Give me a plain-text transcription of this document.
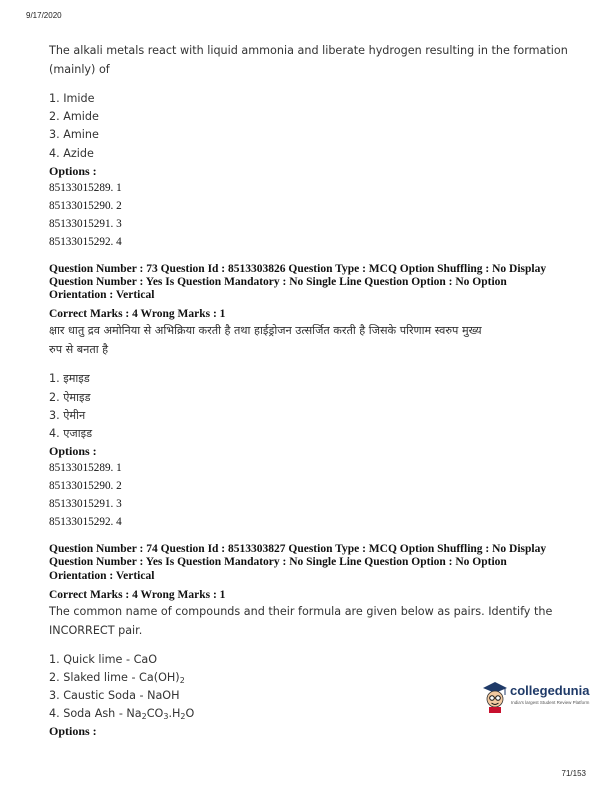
9/17/2020

The alkali metals react with liquid ammonia and liberate hydrogen resulting in the formation
(mainly) of

1. Imide
2. Amide
3. Amine
4. Azide
Options :
85133015289. 1
85133015290. 2
85133015291. 3
85133015292. 4
Question Number : 73 Question Id : 8513303826 Question Type : MCQ Option Shuffling : No Display
Question Number : Yes Is Question Mandatory : No Single Line Question Option : No Option
Orientation : Vertical
Correct Marks : 4 Wrong Marks : 1
क्षार धातु द्रव अमोनिया से अभिक्रिया करती है तथा हाईड्रोजन उत्सर्जित करती है जिसके परिणाम स्वरुप मुख्य
रुप से बनता है
1. इमाइड
2. ऐमाइड
3. ऐमीन
4. एजाइड
Options :
85133015289. 1
85133015290. 2
85133015291. 3
85133015292. 4
Question Number : 74 Question Id : 8513303827 Question Type : MCQ Option Shuffling : No Display
Question Number : Yes Is Question Mandatory : No Single Line Question Option : No Option
Orientation : Vertical
Correct Marks : 4 Wrong Marks : 1

The common name of compounds and their formula are given below as pairs. Identify the
INCORRECT pair.

1. Quick lime - CaO
2. Slaked lime - $Ca(OH)_2$
3. Caustic Soda - NaOH
4. Soda Ash - $Na_2CO_3.H_2O$
Options :
collegedunia
India's largest Student Review Platform
71/153
